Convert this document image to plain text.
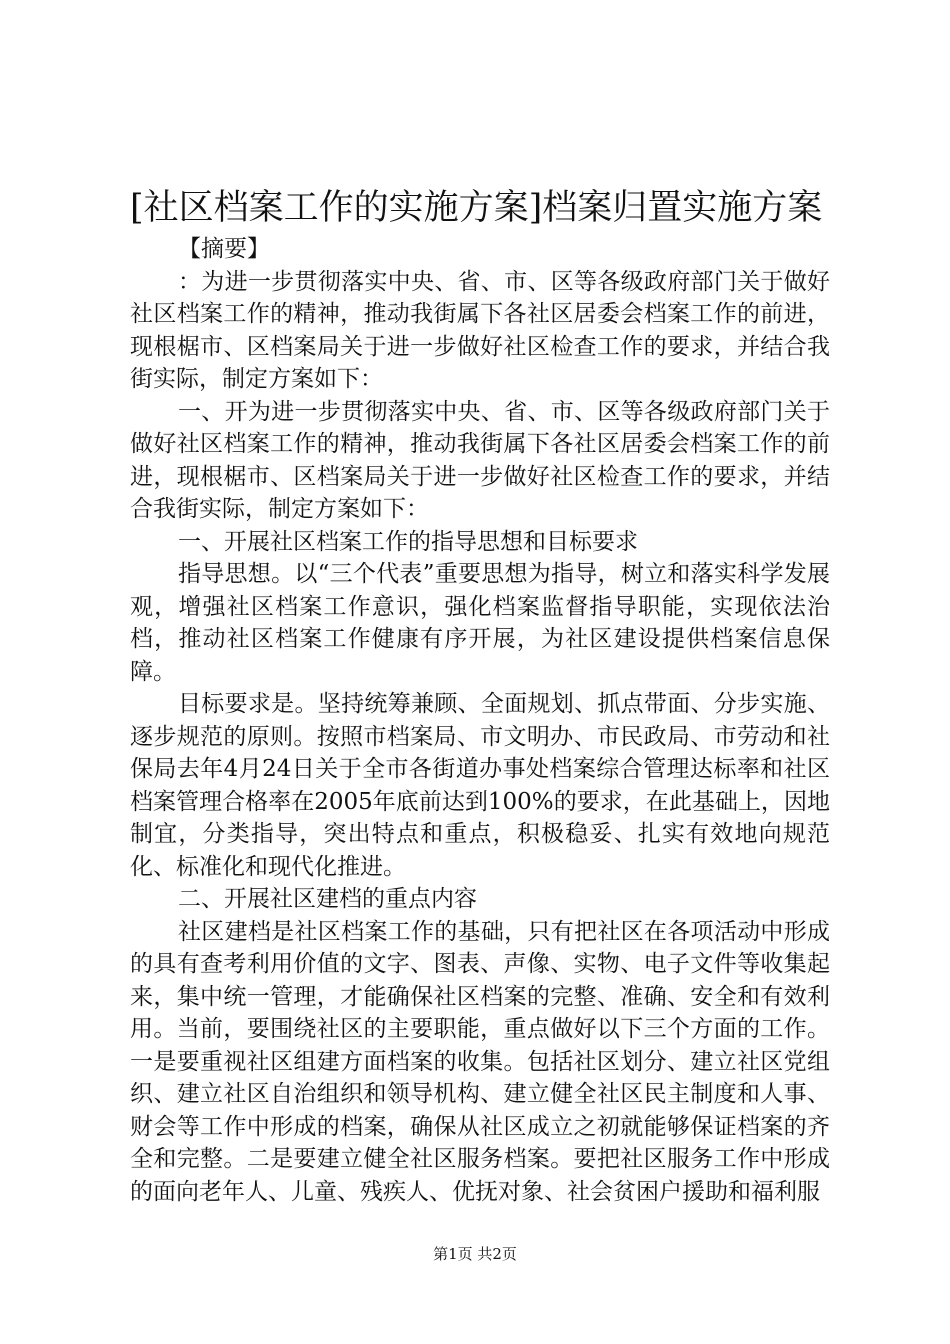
[社区档案工作的实施方案]档案归置实施方案

【摘要】

：为进一步贯彻落实中央、省、市、区等各级政府部门关于做好社区档案工作的精神，推动我街属下各社区居委会档案工作的前进，现根椐市、区档案局关于进一步做好社区检查工作的要求，并结合我街实际，制定方案如下：

一、开为进一步贯彻落实中央、省、市、区等各级政府部门关于做好社区档案工作的精神，推动我街属下各社区居委会档案工作的前进，现根椐市、区档案局关于进一步做好社区检查工作的要求，并结合我街实际，制定方案如下：

一、开展社区档案工作的指导思想和目标要求

指导思想。以“三个代表”重要思想为指导，树立和落实科学发展观，增强社区档案工作意识，强化档案监督指导职能，实现依法治档，推动社区档案工作健康有序开展，为社区建设提供档案信息保障。

目标要求是。坚持统筹兼顾、全面规划、抓点带面、分步实施、逐步规范的原则。按照市档案局、市文明办、市民政局、市劳动和社保局去年4月24日关于全市各街道办事处档案综合管理达标率和社区档案管理合格率在2005年底前达到100%的要求，在此基础上，因地制宜，分类指导，突出特点和重点，积极稳妥、扎实有效地向规范化、标准化和现代化推进。

二、开展社区建档的重点内容

社区建档是社区档案工作的基础，只有把社区在各项活动中形成的具有查考利用价值的文字、图表、声像、实物、电子文件等收集起来，集中统一管理，才能确保社区档案的完整、准确、安全和有效利用。当前，要围绕社区的主要职能，重点做好以下三个方面的工作。一是要重视社区组建方面档案的收集。包括社区划分、建立社区党组织、建立社区自治组织和领导机构、建立健全社区民主制度和人事、财会等工作中形成的档案，确保从社区成立之初就能够保证档案的齐全和完整。二是要建立健全社区服务档案。要把社区服务工作中形成的面向老年人、儿童、残疾人、优抚对象、社会贫困户援助和福利服

第1页 共2页
